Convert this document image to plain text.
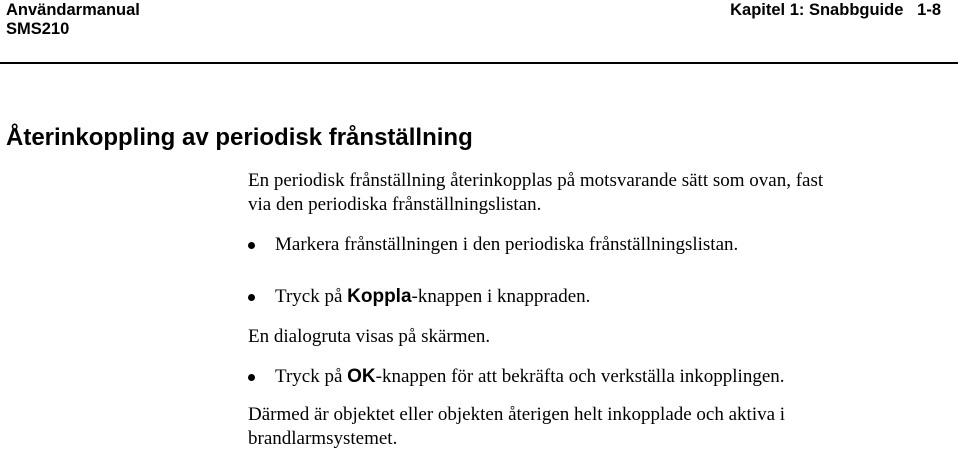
Användarmanual
SMS210
Kapitel 1: Snabbguide   1-8
Återinkoppling av periodisk frånställning
En periodisk frånställning återinkopplas på motsvarande sätt som ovan, fast
via den periodiska frånställningslistan.
Markera frånställningen i den periodiska frånställningslistan.
Tryck på Koppla-knappen i knappraden.
En dialogruta visas på skärmen.
Tryck på OK-knappen för att bekräfta och verkställa inkopplingen.
Därmed är objektet eller objekten återigen helt inkopplade och aktiva i
brandlarmsystemet.
